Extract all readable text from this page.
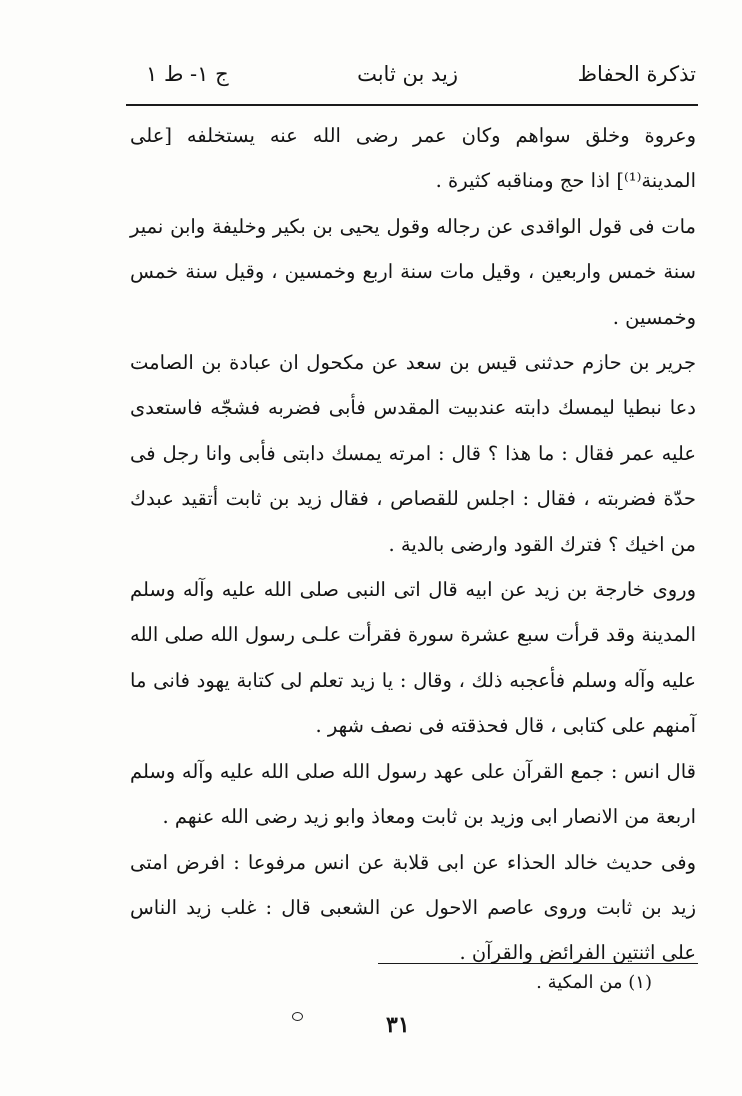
تذكرة الحفاظ
زيد بن ثابت
ج ١- ط ١

وعروة وخلق سواهم وكان عمر رضى الله عنه يستخلفه [على المدينة⁽¹⁾] اذا حج ومناقبه كثيرة .

مات فى قول الواقدى عن رجاله وقول يحيى بن بكير وخليفة وابن نمير سنة خمس واربعين ، وقيل مات سنة اربع وخمسين ، وقيل سنة خمس وخمسين .

جرير بن حازم حدثنى قيس بن سعد عن مكحول ان عبادة بن الصامت دعا نبطيا ليمسك دابته عندبيت المقدس فأبى فضربه فشجّه فاستعدى عليه عمر فقال : ما هذا ؟ قال : امرته يمسك دابتى فأبى وانا رجل فى حدّة فضربته ، فقال : اجلس للقصاص ، فقال زيد بن ثابت أتقيد عبدك من اخيك ؟ فترك القود وارضى بالدية .

وروى خارجة بن زيد عن ابيه قال اتى النبى صلى الله عليه وآله وسلم المدينة وقد قرأت سبع عشرة سورة فقرأت علـى رسول الله صلى الله عليه وآله وسلم فأعجبه ذلك ، وقال : يا زيد تعلم لى كتابة يهود فانى ما آمنهم على كتابى ، قال فحذقته فى نصف شهر .

قال انس : جمع القرآن على عهد رسول الله صلى الله عليه وآله وسلم اربعة من الانصار ابى وزيد بن ثابت ومعاذ وابو زيد رضى الله عنهم .

وفى حديث خالد الحذاء عن ابى قلابة عن انس مرفوعا : افرض امتى زيد بن ثابت وروى عاصم الاحول عن الشعبى قال : غلب زيد الناس على اثنتين الفرائض والقرآن .

(١) من المكية .
٣١
